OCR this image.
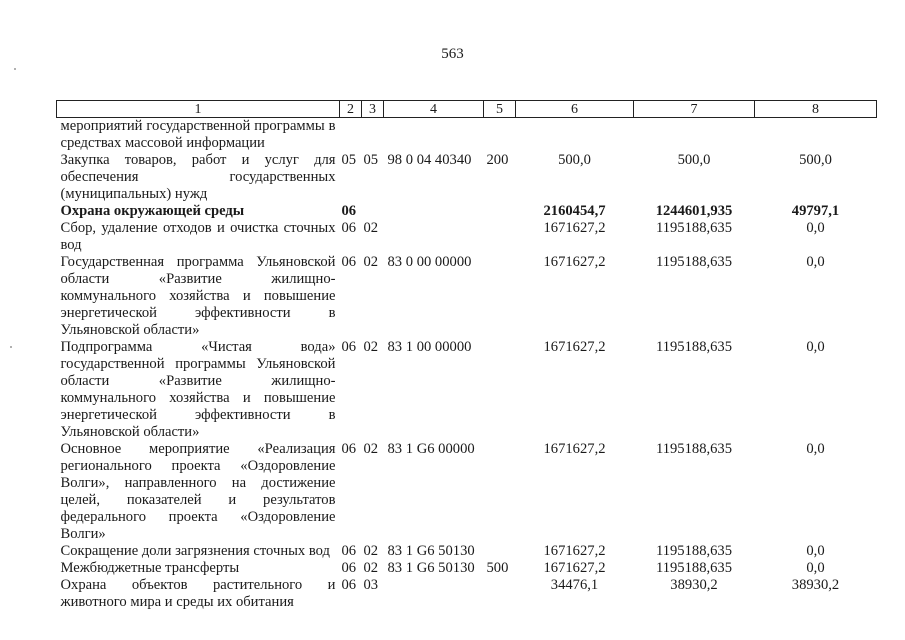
563
1	2	3	4	5	6	7	8
мероприятий государственной программы в средствах массовой информации							
Закупка товаров, работ и услуг для обеспечения государственных (муниципальных) нужд	05	05	98 0 04 40340	200	500,0	500,0	500,0
Охрана окружающей среды	06				2160454,7	1244601,935	49797,1
Сбор, удаление отходов и очистка сточных вод	06	02			1671627,2	1195188,635	0,0
Государственная программа Ульяновской области «Развитие жилищно-коммунального хозяйства и повышение энергетической эффективности в Ульяновской области»	06	02	83 0 00 00000		1671627,2	1195188,635	0,0
Подпрограмма «Чистая вода» государственной программы Ульяновской области «Развитие жилищно-коммунального хозяйства и повышение энергетической эффективности в Ульяновской области»	06	02	83 1 00 00000		1671627,2	1195188,635	0,0
Основное мероприятие «Реализация регионального проекта «Оздоровление Волги», направленного на достижение целей, показателей и результатов федерального проекта «Оздоровление Волги»	06	02	83 1 G6 00000		1671627,2	1195188,635	0,0
Сокращение доли загрязнения сточных вод	06	02	83 1 G6 50130		1671627,2	1195188,635	0,0
Межбюджетные трансферты	06	02	83 1 G6 50130	500	1671627,2	1195188,635	0,0
Охрана объектов растительного и животного мира и среды их обитания	06	03			34476,1	38930,2	38930,2
